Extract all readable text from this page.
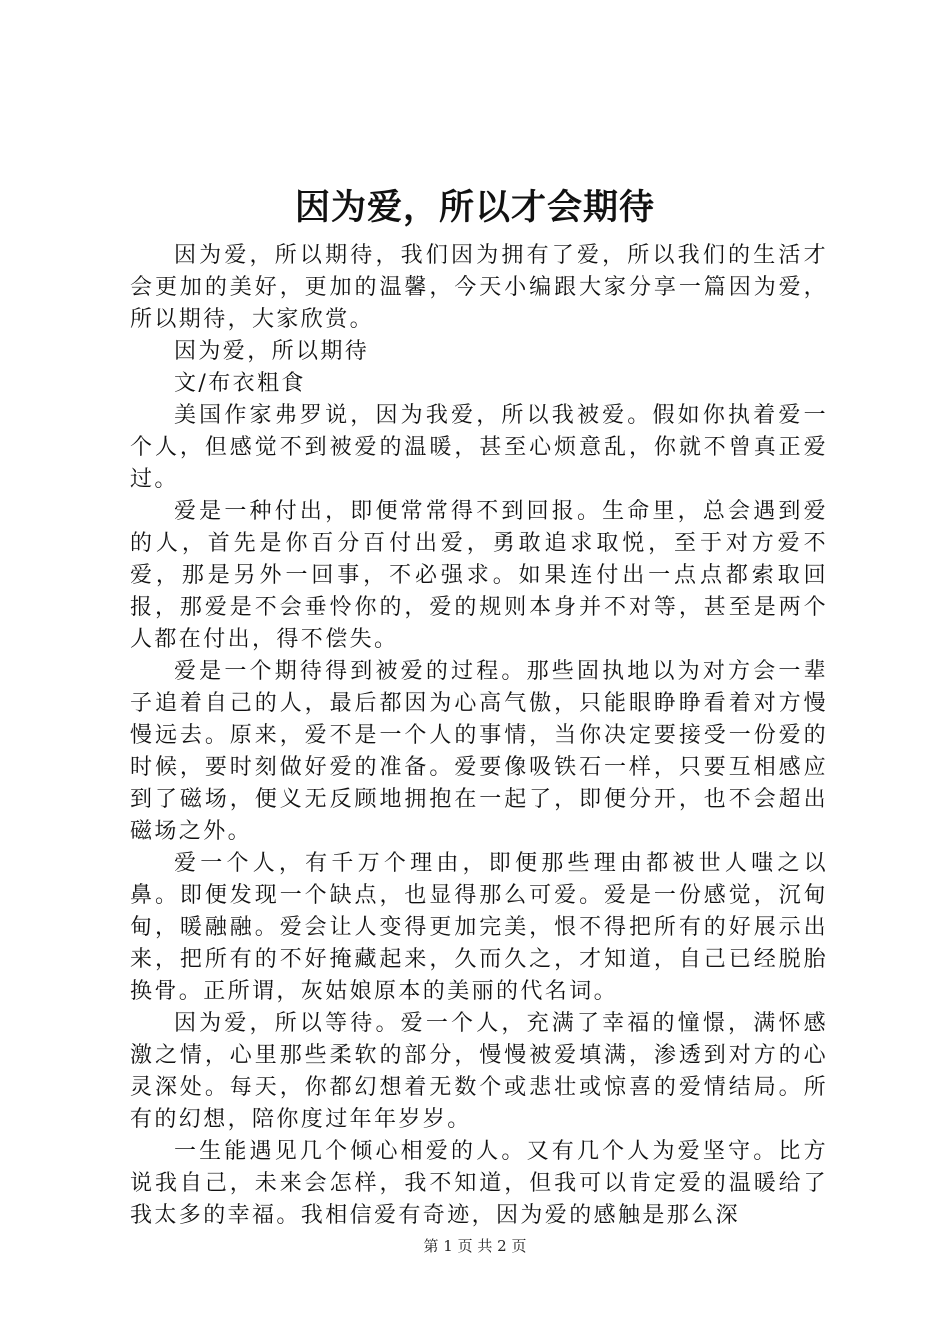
因为爱，所以才会期待

因为爱，所以期待，我们因为拥有了爱，所以我们的生活才会更加的美好，更加的温馨，今天小编跟大家分享一篇因为爱，所以期待，大家欣赏。

因为爱，所以期待

文/布衣粗食

美国作家弗罗说，因为我爱，所以我被爱。假如你执着爱一个人，但感觉不到被爱的温暖，甚至心烦意乱，你就不曾真正爱过。

爱是一种付出，即便常常得不到回报。生命里，总会遇到爱的人，首先是你百分百付出爱，勇敢追求取悦，至于对方爱不爱，那是另外一回事，不必强求。如果连付出一点点都索取回报，那爱是不会垂怜你的，爱的规则本身并不对等，甚至是两个人都在付出，得不偿失。

爱是一个期待得到被爱的过程。那些固执地以为对方会一辈子追着自己的人，最后都因为心高气傲，只能眼睁睁看着对方慢慢远去。原来，爱不是一个人的事情，当你决定要接受一份爱的时候，要时刻做好爱的准备。爱要像吸铁石一样，只要互相感应到了磁场，便义无反顾地拥抱在一起了，即便分开，也不会超出磁场之外。

爱一个人，有千万个理由，即便那些理由都被世人嗤之以鼻。即便发现一个缺点，也显得那么可爱。爱是一份感觉，沉甸甸，暖融融。爱会让人变得更加完美，恨不得把所有的好展示出来，把所有的不好掩藏起来，久而久之，才知道，自己已经脱胎换骨。正所谓，灰姑娘原本的美丽的代名词。

因为爱，所以等待。爱一个人，充满了幸福的憧憬，满怀感激之情，心里那些柔软的部分，慢慢被爱填满，渗透到对方的心灵深处。每天，你都幻想着无数个或悲壮或惊喜的爱情结局。所有的幻想，陪你度过年年岁岁。

一生能遇见几个倾心相爱的人。又有几个人为爱坚守。比方说我自己，未来会怎样，我不知道，但我可以肯定爱的温暖给了我太多的幸福。我相信爱有奇迹，因为爱的感触是那么深

第 1 页 共 2 页
